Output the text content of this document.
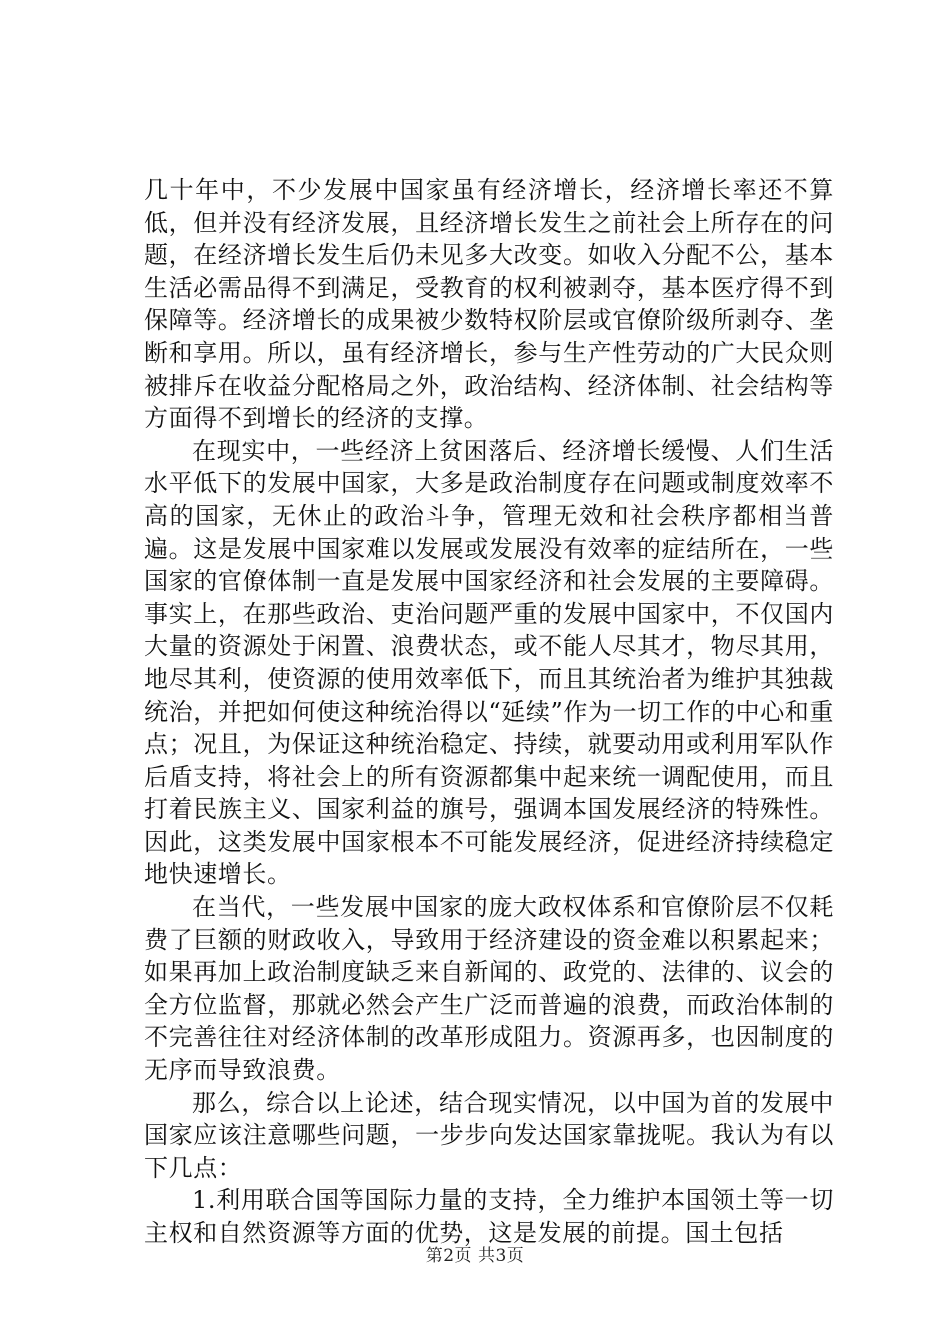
几十年中，不少发展中国家虽有经济增长，经济增长率还不算低，但并没有经济发展，且经济增长发生之前社会上所存在的问题，在经济增长发生后仍未见多大改变。如收入分配不公，基本生活必需品得不到满足，受教育的权利被剥夺，基本医疗得不到保障等。经济增长的成果被少数特权阶层或官僚阶级所剥夺、垄断和享用。所以，虽有经济增长，参与生产性劳动的广大民众则被排斥在收益分配格局之外，政治结构、经济体制、社会结构等方面得不到增长的经济的支撑。

在现实中，一些经济上贫困落后、经济增长缓慢、人们生活水平低下的发展中国家，大多是政治制度存在问题或制度效率不高的国家，无休止的政治斗争，管理无效和社会秩序都相当普遍。这是发展中国家难以发展或发展没有效率的症结所在，一些国家的官僚体制一直是发展中国家经济和社会发展的主要障碍。事实上，在那些政治、吏治问题严重的发展中国家中，不仅国内大量的资源处于闲置、浪费状态，或不能人尽其才，物尽其用，地尽其利，使资源的使用效率低下，而且其统治者为维护其独裁统治，并把如何使这种统治得以“延续”作为一切工作的中心和重点；况且，为保证这种统治稳定、持续，就要动用或利用军队作后盾支持，将社会上的所有资源都集中起来统一调配使用，而且打着民族主义、国家利益的旗号，强调本国发展经济的特殊性。因此，这类发展中国家根本不可能发展经济，促进经济持续稳定地快速增长。

在当代，一些发展中国家的庞大政权体系和官僚阶层不仅耗费了巨额的财政收入，导致用于经济建设的资金难以积累起来；如果再加上政治制度缺乏来自新闻的、政党的、法律的、议会的全方位监督，那就必然会产生广泛而普遍的浪费，而政治体制的不完善往往对经济体制的改革形成阻力。资源再多，也因制度的无序而导致浪费。

那么，综合以上论述，结合现实情况，以中国为首的发展中国家应该注意哪些问题，一步步向发达国家靠拢呢。我认为有以下几点：

1.利用联合国等国际力量的支持，全力维护本国领土等一切主权和自然资源等方面的优势，这是发展的前提。国土包括

第2页 共3页
